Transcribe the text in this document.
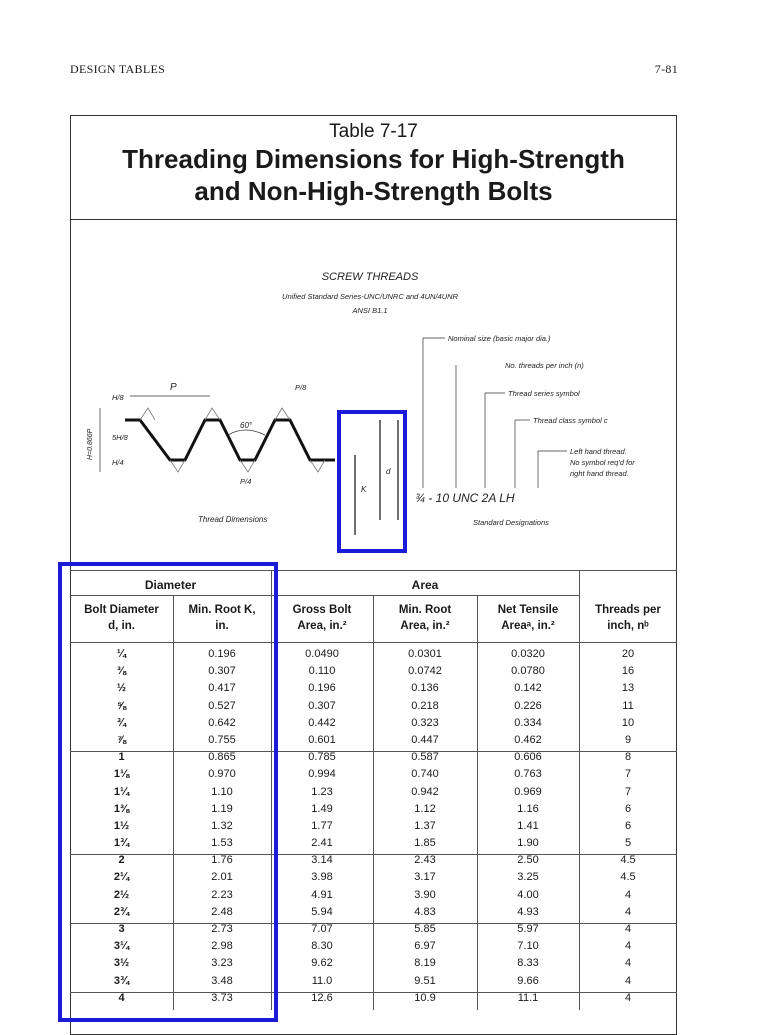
DESIGN TABLES	7-81
Table 7-17
Threading Dimensions for High-Strength
and Non-High-Strength Bolts
SCREW THREADS
Unified Standard Series-UNC/UNRC and 4UN/4UNR
ANSI B1.1
P
H/8
P/8
5H/8
H/4
H=0.866P
60°
P/4
Thread Dimensions
K
d
¾ - 10 UNC 2A LH
Nominal size (basic major dia.)
No. threads per inch (n)
Thread series symbol
Thread class symbol c
Left hand thread.
No symbol req'd for
right hand thread.
Standard Designations
Diameter	Area
Bolt Diameter
d, in.
Min. Root K,
in.
Gross Bolt
Area, in.²
Min. Root
Area, in.²
Net Tensile
Areaᵃ, in.²
Threads per
inch, nᵇ
¼	0.196	0.0490	0.0301	0.0320	20
⅜	0.307	0.110	0.0742	0.0780	16
½	0.417	0.196	0.136	0.142	13
⅝	0.527	0.307	0.218	0.226	11
¾	0.642	0.442	0.323	0.334	10
⅞	0.755	0.601	0.447	0.462	9
1	0.865	0.785	0.587	0.606	8
1⅛	0.970	0.994	0.740	0.763	7
1¼	1.10	1.23	0.942	0.969	7
1⅜	1.19	1.49	1.12	1.16	6
1½	1.32	1.77	1.37	1.41	6
1¾	1.53	2.41	1.85	1.90	5
2	1.76	3.14	2.43	2.50	4.5
2¼	2.01	3.98	3.17	3.25	4.5
2½	2.23	4.91	3.90	4.00	4
2¾	2.48	5.94	4.83	4.93	4
3	2.73	7.07	5.85	5.97	4
3¼	2.98	8.30	6.97	7.10	4
3½	3.23	9.62	8.19	8.33	4
3¾	3.48	11.0	9.51	9.66	4
4	3.73	12.6	10.9	11.1	4
